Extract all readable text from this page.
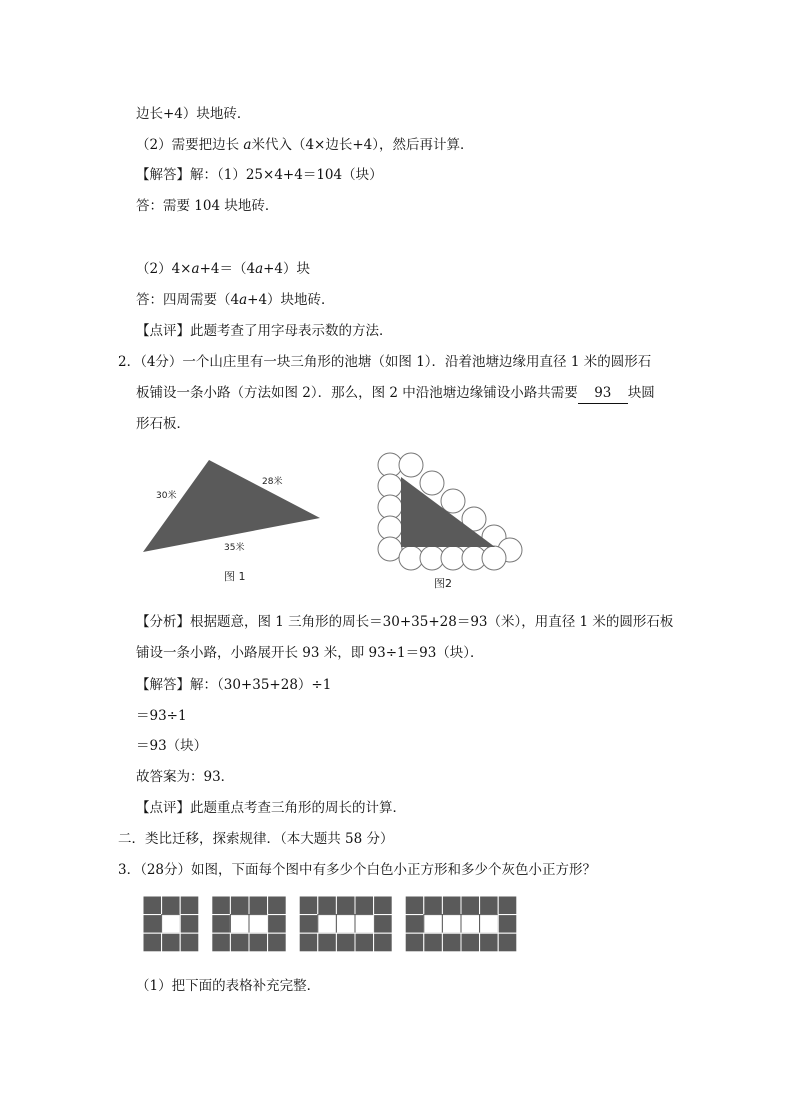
边长+4）块地砖．
（2）需要把边长 a米代入（4×边长+4），然后再计算．
【解答】解：（1）25×4+4＝104（块）
答：需要 104 块地砖．
（2）4×a+4＝（4a+4）块
答：四周需要（4a+4）块地砖．
【点评】此题考查了用字母表示数的方法．
2．（4分）一个山庄里有一块三角形的池塘（如图 1）．沿着池塘边缘用直径 1 米的圆形石
板铺设一条小路（方法如图 2）．那么，图 2 中沿池塘边缘铺设小路共需要 93 块圆
形石板．
30米
28米
35米
图 1
图2
【分析】根据题意，图 1 三角形的周长＝30+35+28＝93（米），用直径 1 米的圆形石板
铺设一条小路，小路展开长 93 米，即 93÷1＝93（块）．
【解答】解：（30+35+28）÷1
＝93÷1
＝93（块）
故答案为：93．
【点评】此题重点考查三角形的周长的计算．
二．类比迁移，探索规律．（本大题共 58 分）
3．（28分）如图，下面每个图中有多少个白色小正方形和多少个灰色小正方形？
（1）把下面的表格补充完整．
